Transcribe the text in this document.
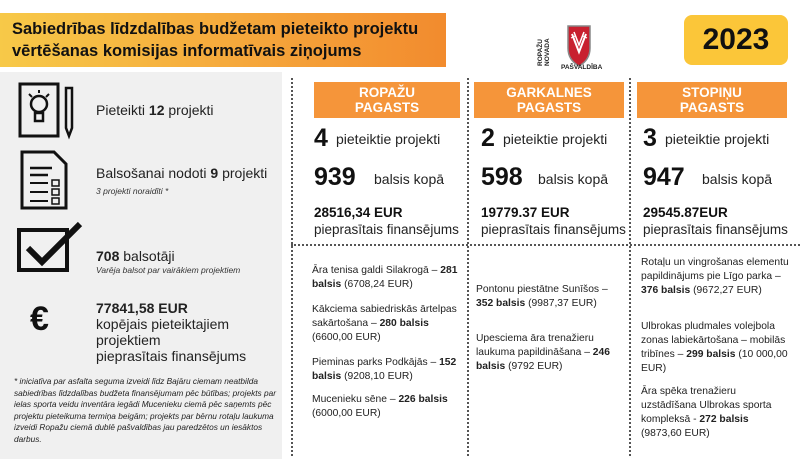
Sabiedrības līdzdalības budžetam pieteikto projektu
vērtēšanas komisijas informatīvais ziņojums	ROPAŽU NOVADA
PAŠVALDĪBA
2023
Pieteikti 12 projekti
Balsošanai nodoti 9 projekti
3 projekti noraidīti *
708 balsotāji
Varēja balsot par vairākiem projektiem
€	77841,58 EUR
kopējais pieteiktajiem projektiem
pieprasītais finansējums
* iniciatīva par asfalta seguma izveidi līdz Bajāru ciemam neatbilda sabiedrības līdzdalības budžeta finansējumam pēc būtības; projekts par ielas sporta veidu inventāra iegādi Mucenieku ciemā pēc saņemts pēc projektu pieteikuma termiņa beigām; projekts par bērnu rotaļu laukuma izveidi Ropažu ciemā dublē pašvaldības jau paredzētos un iesāktos darbus.
ROPAŽU
PAGASTS
GARKALNES
PAGASTS
STOPIŅU
PAGASTS
4 pieteiktie projekti
939 balsis kopā
28516,34 EUR
pieprasītais finansējums
2 pieteiktie projekti
598 balsis kopā
19779.37 EUR
pieprasītais finansējums
3 pieteiktie projekti
947 balsis kopā
29545.87EUR
pieprasītais finansējums
Āra tenisa galdi Silakrogā – 281 balsis (6708,24 EUR)
Kākciema sabiedriskās ārtelpas sakārtošana – 280 balsis (6600,00 EUR)
Pieminas parks Podkājās – 152 balsis (9208,10 EUR)
Mucenieku sēne – 226 balsis (6000,00 EUR)
Pontonu piestātne Sunīšos – 352 balsis (9987,37 EUR)
Upesciema āra trenažieru laukuma papildināšana – 246 balsis (9792 EUR)
Rotaļu un vingrošanas elementu papildinājums pie Līgo parka – 376 balsis (9672,27 EUR)
Ulbrokas pludmales volejbola zonas labiekārtošana – mobilās tribīnes – 299 balsis (10 000,00 EUR)
Āra spēka trenažieru uzstādīšana Ulbrokas sporta kompleksā - 272 balsis (9873,60 EUR)
